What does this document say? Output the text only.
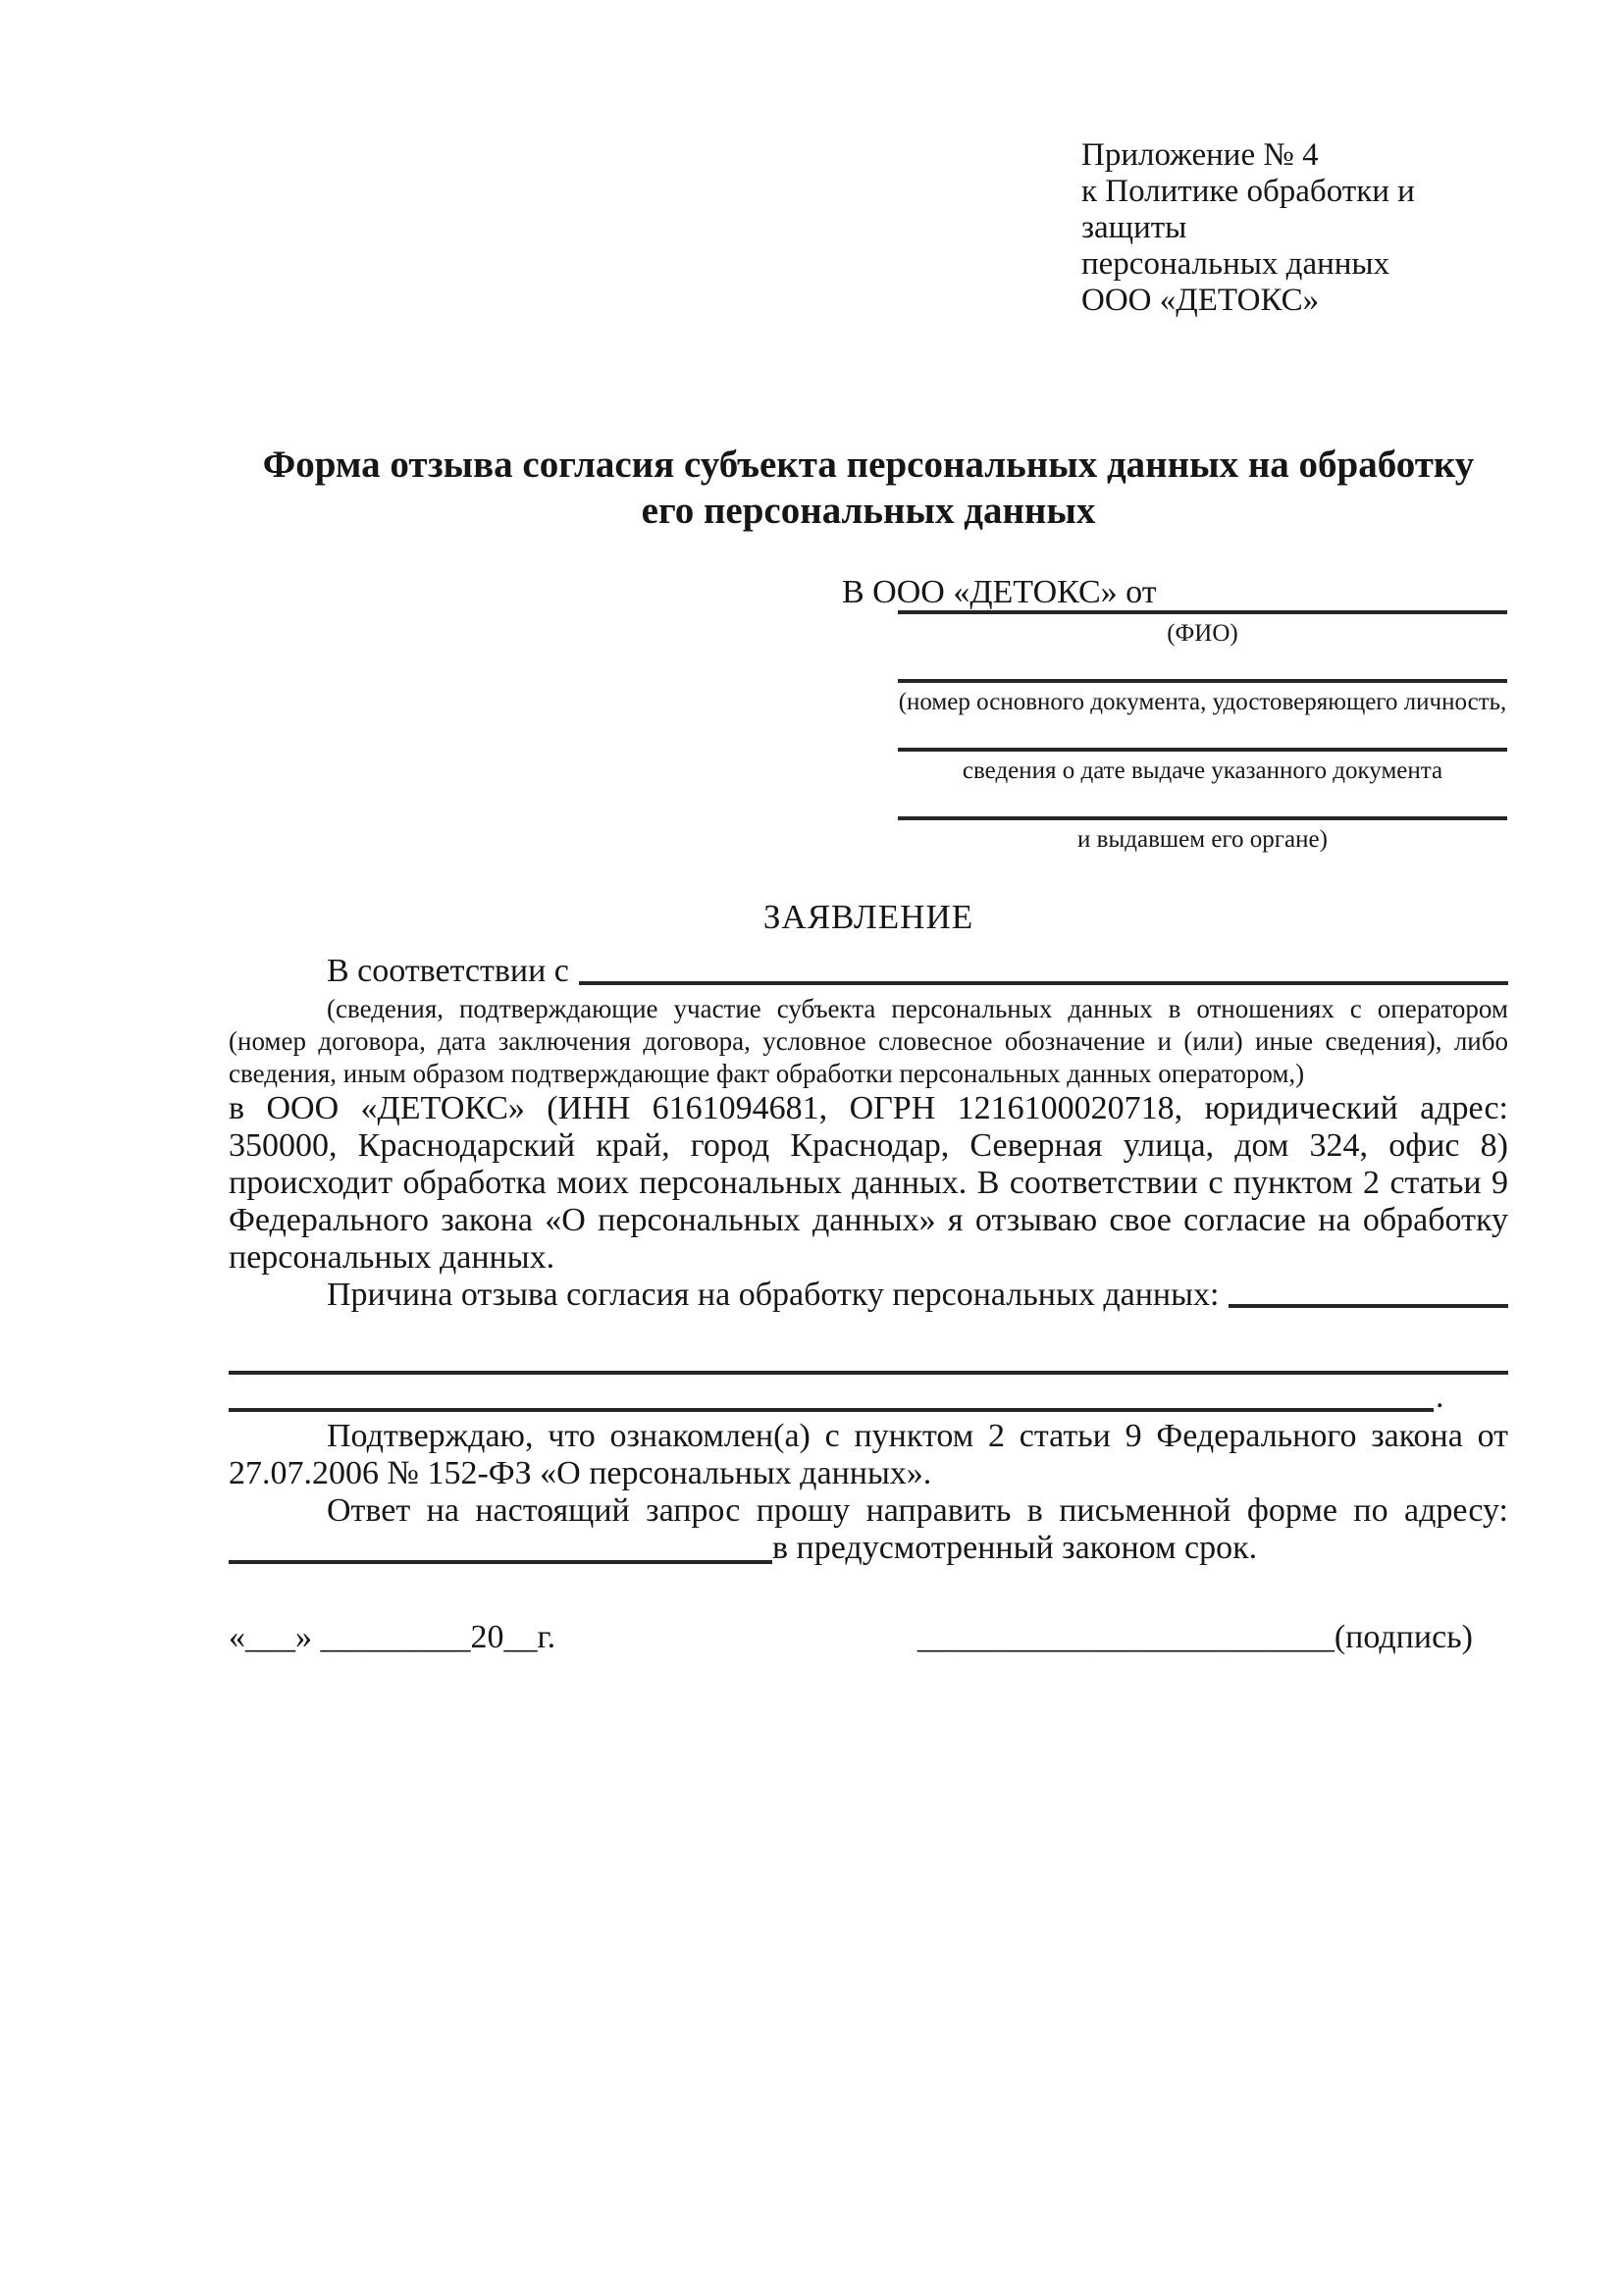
Приложение № 4
к Политике обработки и защиты
персональных данных
ООО «ДЕТОКС»
Форма отзыва согласия субъекта персональных данных на обработку
его персональных данных
В ООО «ДЕТОКС» от
(ФИО)
(номер основного документа, удостоверяющего личность,
сведения о дате выдаче указанного документа
и выдавшем его органе)
ЗАЯВЛЕНИЕ
В соответствии с
(сведения, подтверждающие участие субъекта персональных данных в отношениях с оператором (номер договора, дата заключения договора, условное словесное обозначение и (или) иные сведения), либо сведения, иным образом подтверждающие факт обработки персональных данных оператором,)
в ООО «ДЕТОКС» (ИНН 6161094681, ОГРН 1216100020718, юридический адрес: 350000, Краснодарский край, город Краснодар, Северная улица, дом 324, офис 8) происходит обработка моих персональных данных. В соответствии с пунктом 2 статьи 9 Федерального закона «О персональных данных» я отзываю свое согласие на обработку персональных данных.
Причина отзыва согласия на обработку персональных данных:
.
Подтверждаю, что ознакомлен(а) с пунктом 2 статьи 9 Федерального закона от 27.07.2006 № 152-ФЗ «О персональных данных».
Ответ на настоящий запрос прошу направить в письменной форме по адресу:
в предусмотренный законом срок.
«___» _________20__г.	_________________________(подпись)
